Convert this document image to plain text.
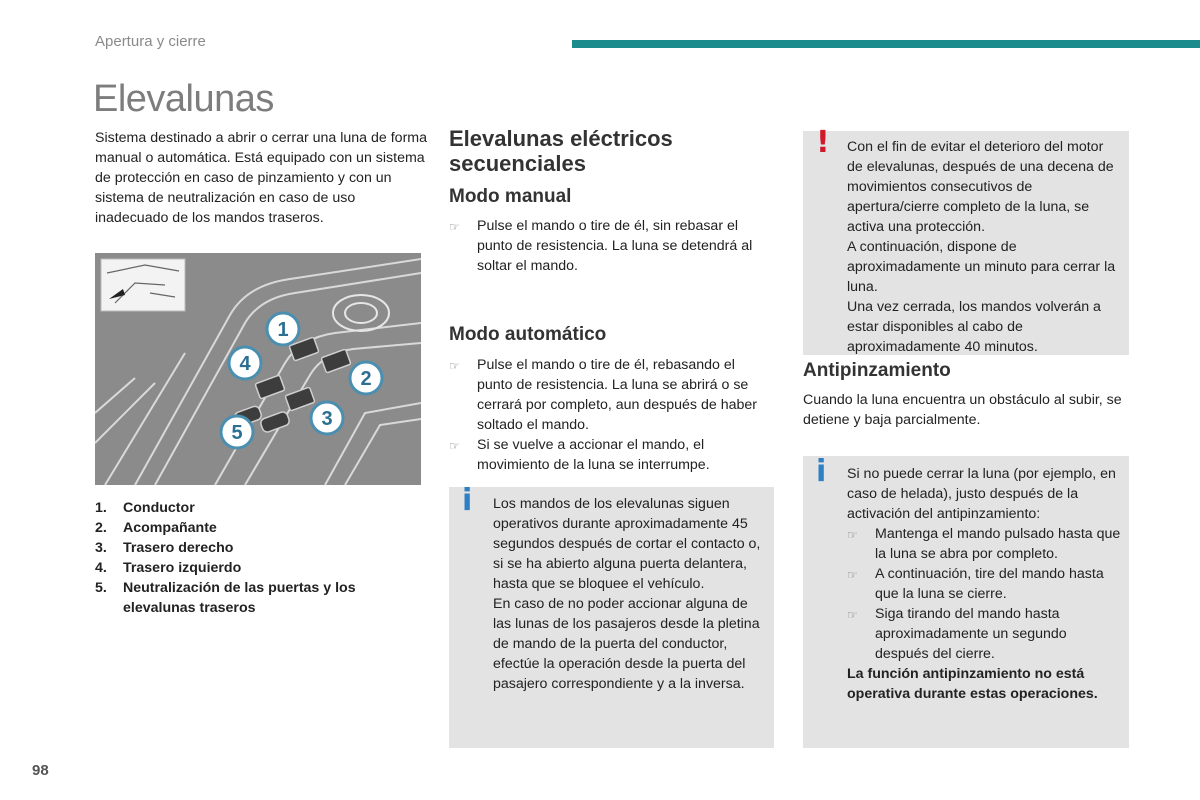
Apertura y cierre
Elevalunas
Sistema destinado a abrir o cerrar una luna de forma manual o automática. Está equipado con un sistema de protección en caso de pinzamiento y con un sistema de neutralización en caso de uso inadecuado de los mandos traseros.
1
2
3
4
5
1.	Conductor
2.	Acompañante
3.	Trasero derecho
4.	Trasero izquierdo
5.	Neutralización de las puertas y los elevalunas traseros
Elevalunas eléctricos
secuenciales
Modo manual
☞	Pulse el mando o tire de él, sin rebasar el punto de resistencia. La luna se detendrá al soltar el mando.
Modo automático
☞	Pulse el mando o tire de él, rebasando el punto de resistencia. La luna se abrirá o se cerrará por completo, aun después de haber soltado el mando.
☞	Si se vuelve a accionar el mando, el movimiento de la luna se interrumpe.
i Los mandos de los elevalunas siguen operativos durante aproximadamente 45 segundos después de cortar el contacto o, si se ha abierto alguna puerta delantera, hasta que se bloquee el vehículo.
En caso de no poder accionar alguna de las lunas de los pasajeros desde la pletina de mando de la puerta del conductor, efectúe la operación desde la puerta del pasajero correspondiente y a la inversa.
! Con el fin de evitar el deterioro del motor de elevalunas, después de una decena de movimientos consecutivos de apertura/cierre completo de la luna, se activa una protección.
A continuación, dispone de aproximadamente un minuto para cerrar la luna.
Una vez cerrada, los mandos volverán a estar disponibles al cabo de aproximadamente 40 minutos.
Antipinzamiento
Cuando la luna encuentra un obstáculo al subir, se detiene y baja parcialmente.
i Si no puede cerrar la luna (por ejemplo, en caso de helada), justo después de la activación del antipinzamiento:
☞	Mantenga el mando pulsado hasta que la luna se abra por completo.
☞	A continuación, tire del mando hasta que la luna se cierre.
☞	Siga tirando del mando hasta aproximadamente un segundo después del cierre.
La función antipinzamiento no está operativa durante estas operaciones.
98
